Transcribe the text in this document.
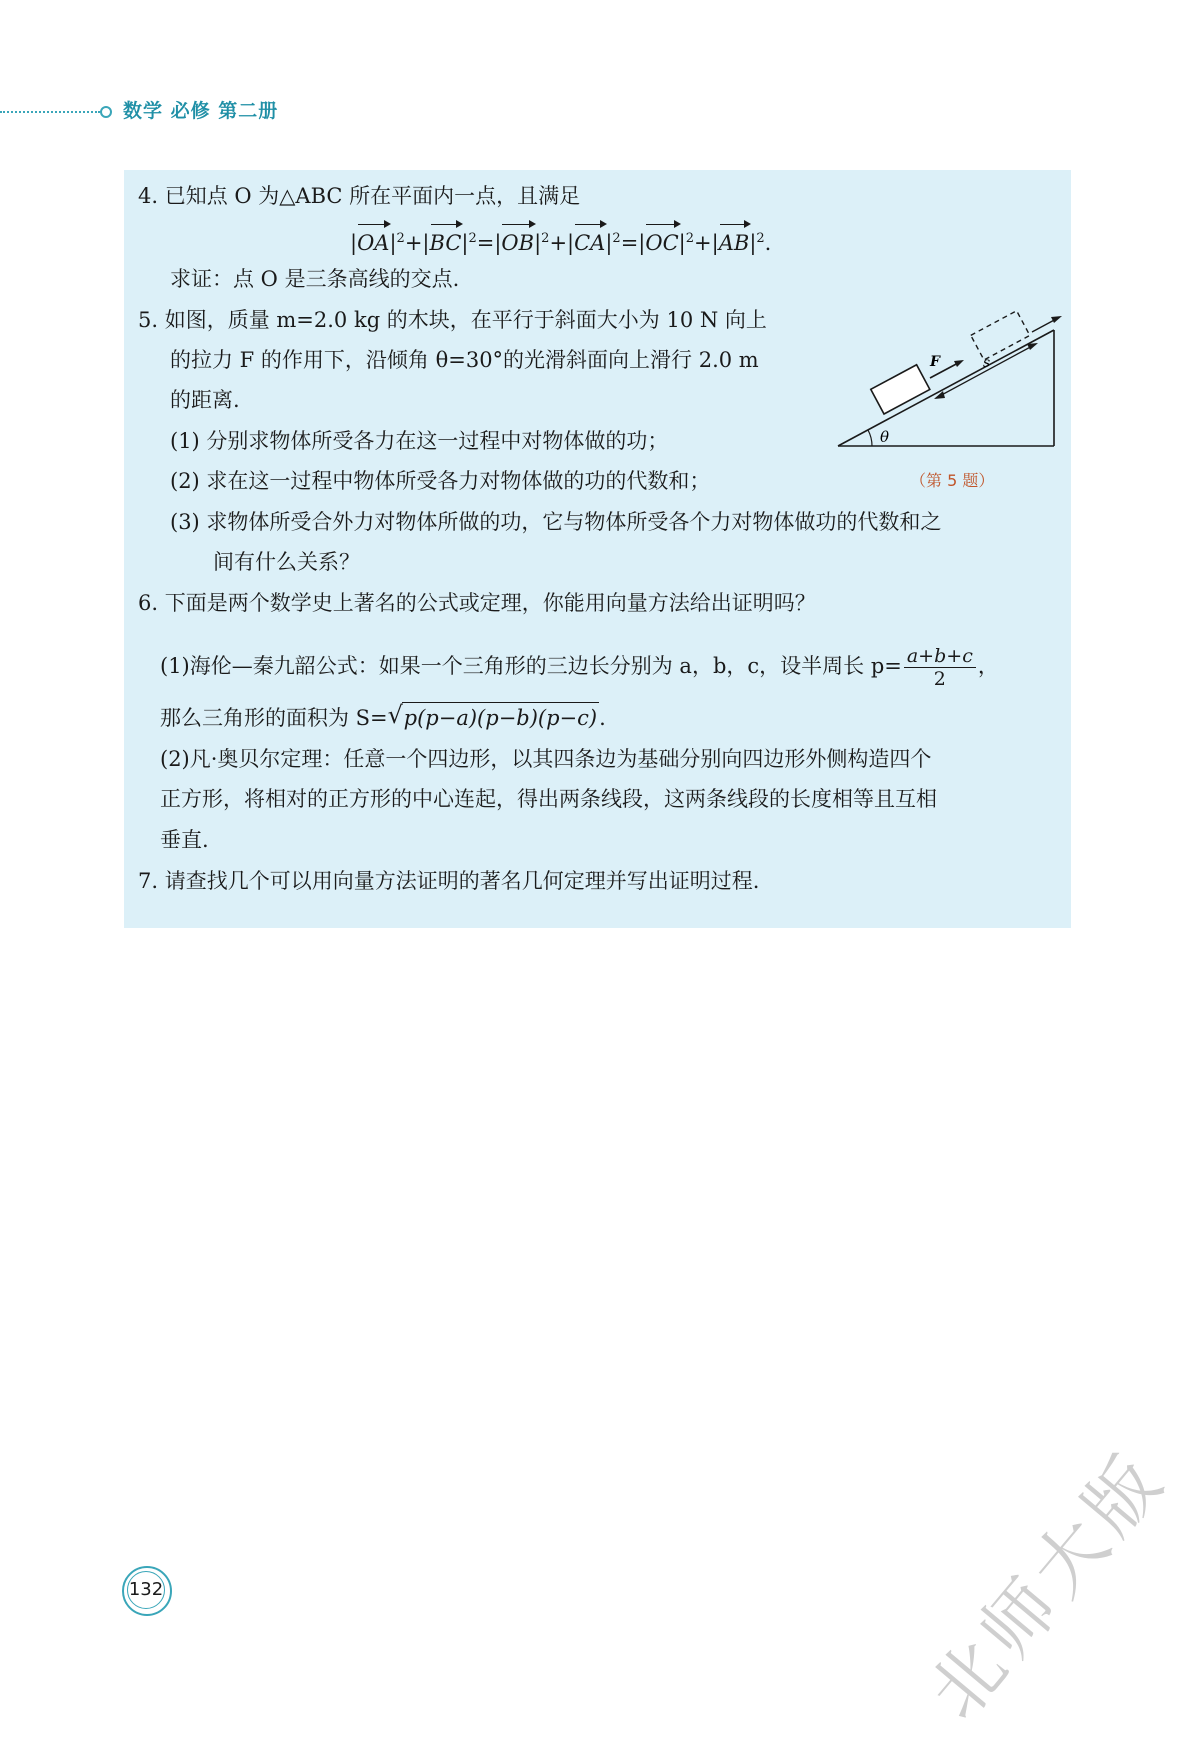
数学 必修 第二册
4. 已知点 O 为△ABC 所在平面内一点，且满足
$|OA|^2+|BC|^2=|OB|^2+|CA|^2=|OC|^2+|AB|^2$.
求证：点 O 是三条高线的交点.
5. 如图，质量 m=2.0 kg 的木块，在平行于斜面大小为 10 N 向上
的拉力 F 的作用下，沿倾角 θ=30°的光滑斜面向上滑行 2.0 m
的距离.
(1) 分别求物体所受各力在这一过程中对物体做的功；
(2) 求在这一过程中物体所受各力对物体做的功的代数和；
(3) 求物体所受合外力对物体所做的功，它与物体所受各个力对物体做功的代数和之
间有什么关系？
θ
F	s
（第 5 题）
6. 下面是两个数学史上著名的公式或定理，你能用向量方法给出证明吗？
(1)海伦—秦九韶公式：如果一个三角形的三边长分别为 a，b，c，设半周长 $p= \frac{a+b+c}{2}$ ，
那么三角形的面积为 S= √ p(p−a)(p−b)(p−c).
(2)凡·奥贝尔定理：任意一个四边形，以其四条边为基础分别向四边形外侧构造四个
正方形，将相对的正方形的中心连起，得出两条线段，这两条线段的长度相等且互相
垂直.
7. 请查找几个可以用向量方法证明的著名几何定理并写出证明过程.
132	北师大版
